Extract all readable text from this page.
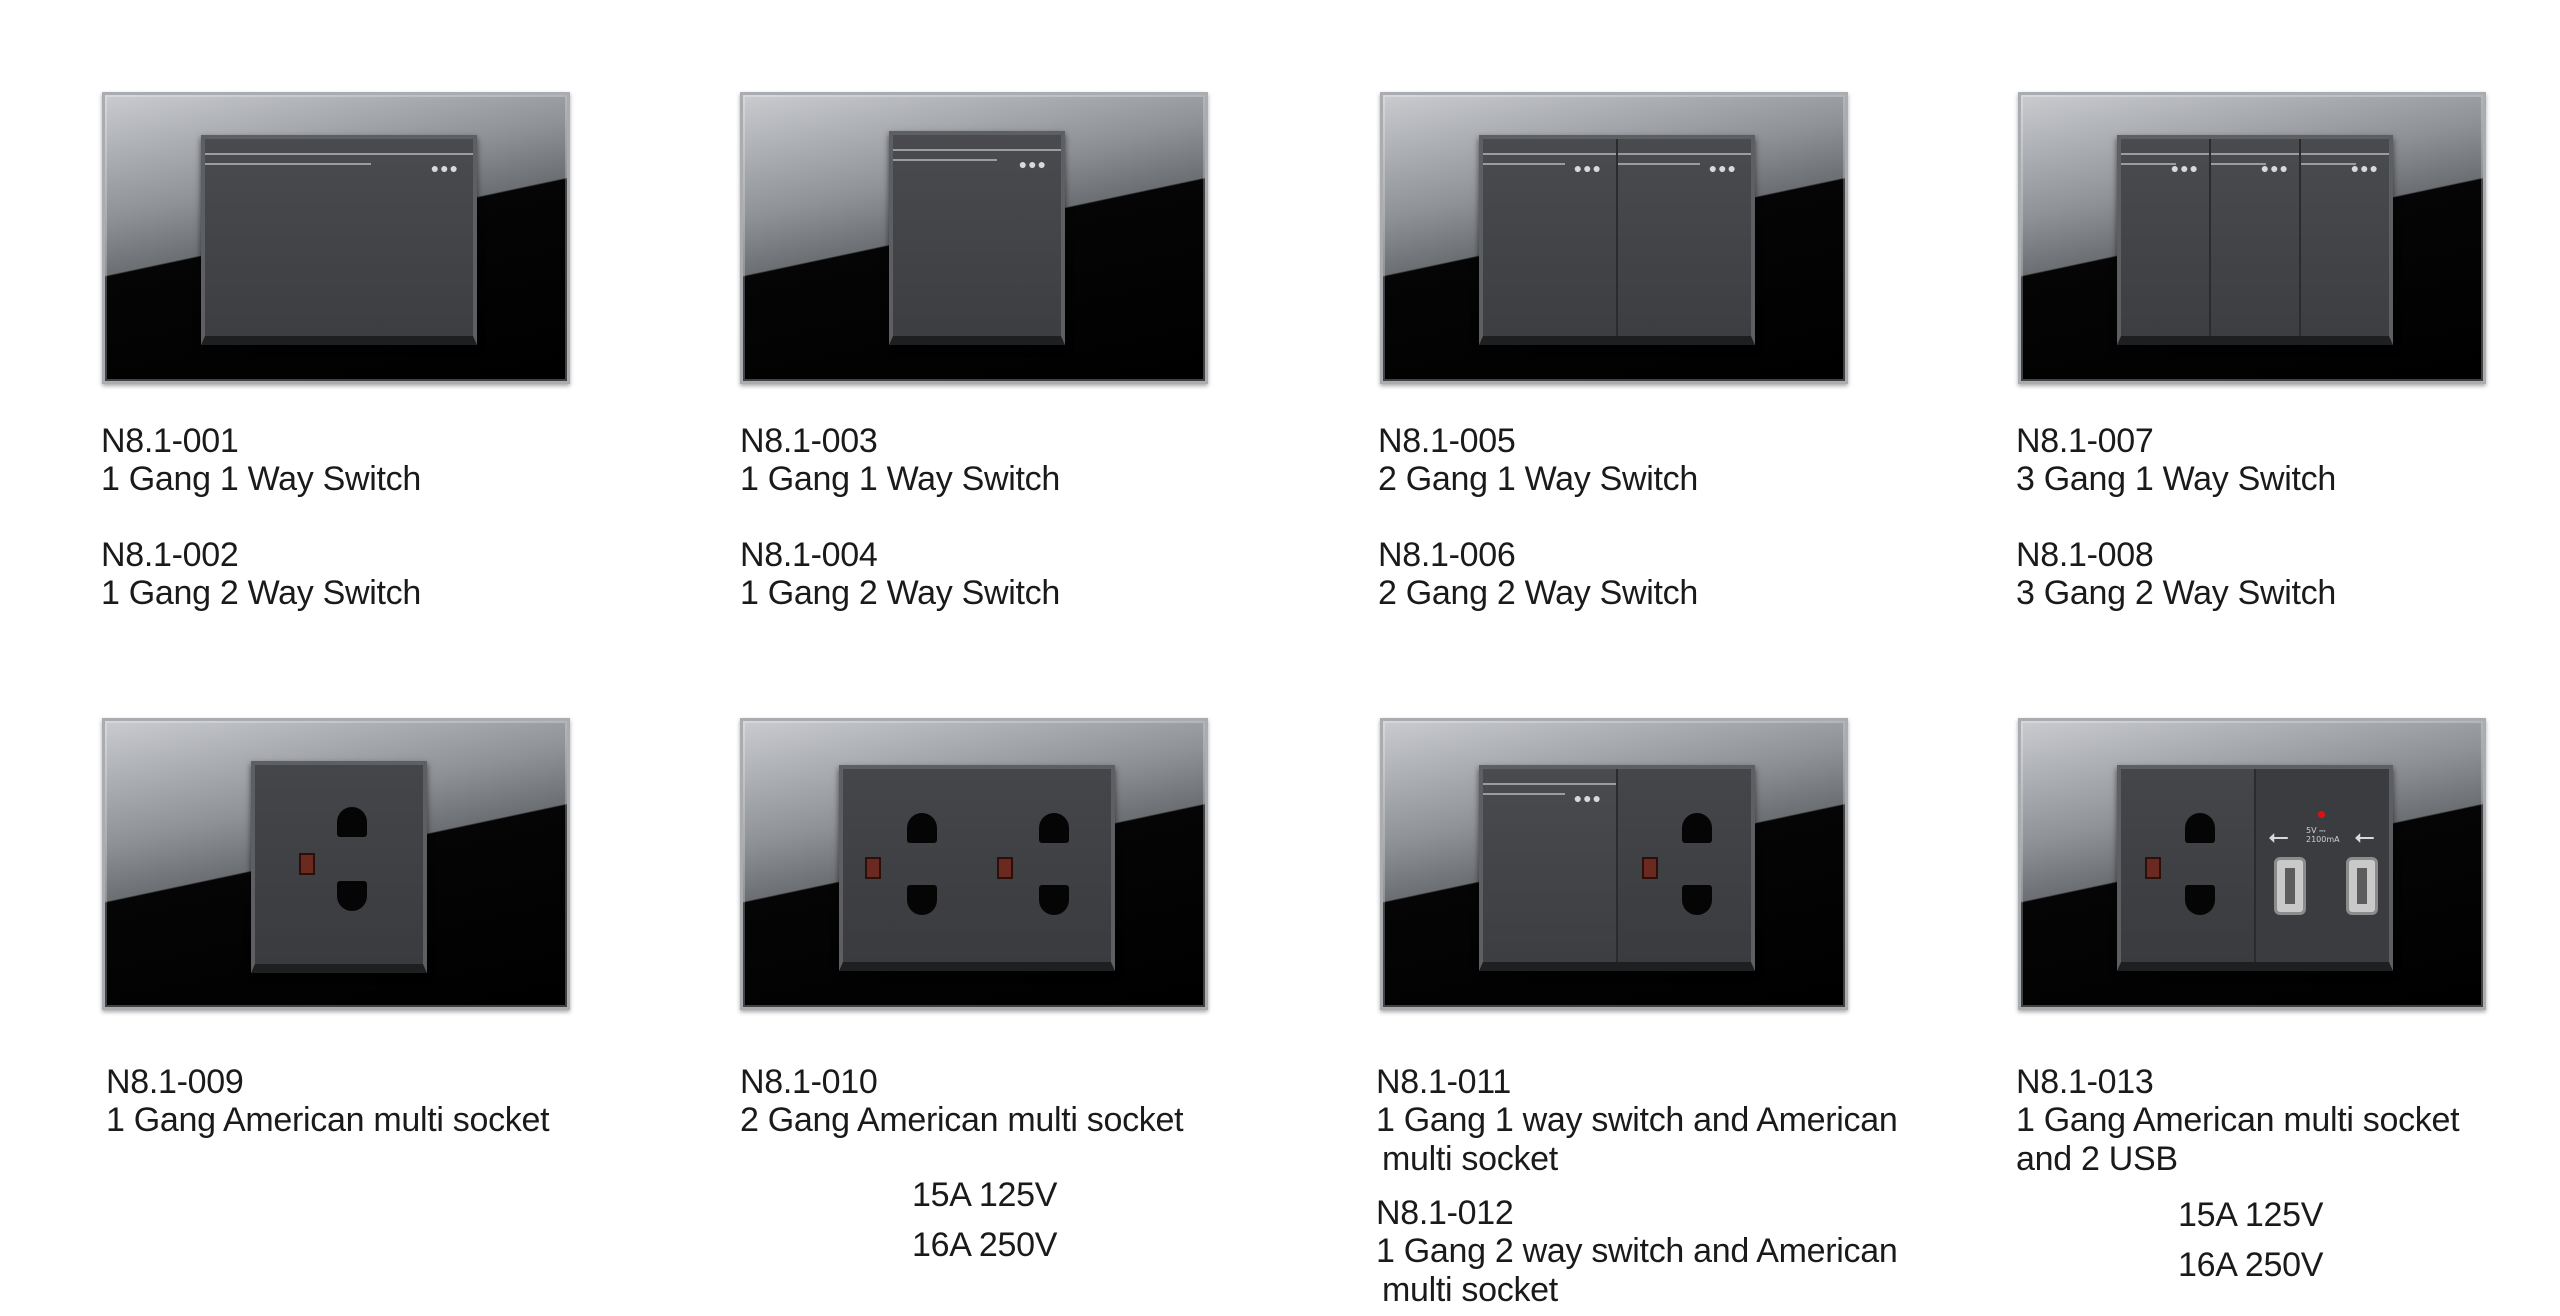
●●●	●●●	●●●	●●●	●●●	●●●	●●●
N8.1-001
1 Gang 1 Way Switch
N8.1-002
1 Gang 2 Way Switch
N8.1-003
1 Gang 1 Way Switch
N8.1-004
1 Gang 2 Way Switch
N8.1-005
2 Gang 1 Way Switch
N8.1-006
2 Gang 2 Way Switch
N8.1-007
3 Gang 1 Way Switch
N8.1-008
3 Gang 2 Way Switch
●●●
⭠	⭠
5V ⎓ 2100mA
N8.1-009
1 Gang American multi socket
N8.1-010
2 Gang American multi socket
15A 125V
16A 250V
N8.1-011
1 Gang 1 way switch and American
multi socket
N8.1-012
1 Gang 2 way switch and American
multi socket
N8.1-013
1 Gang American multi socket
and 2 USB
15A 125V
16A 250V
